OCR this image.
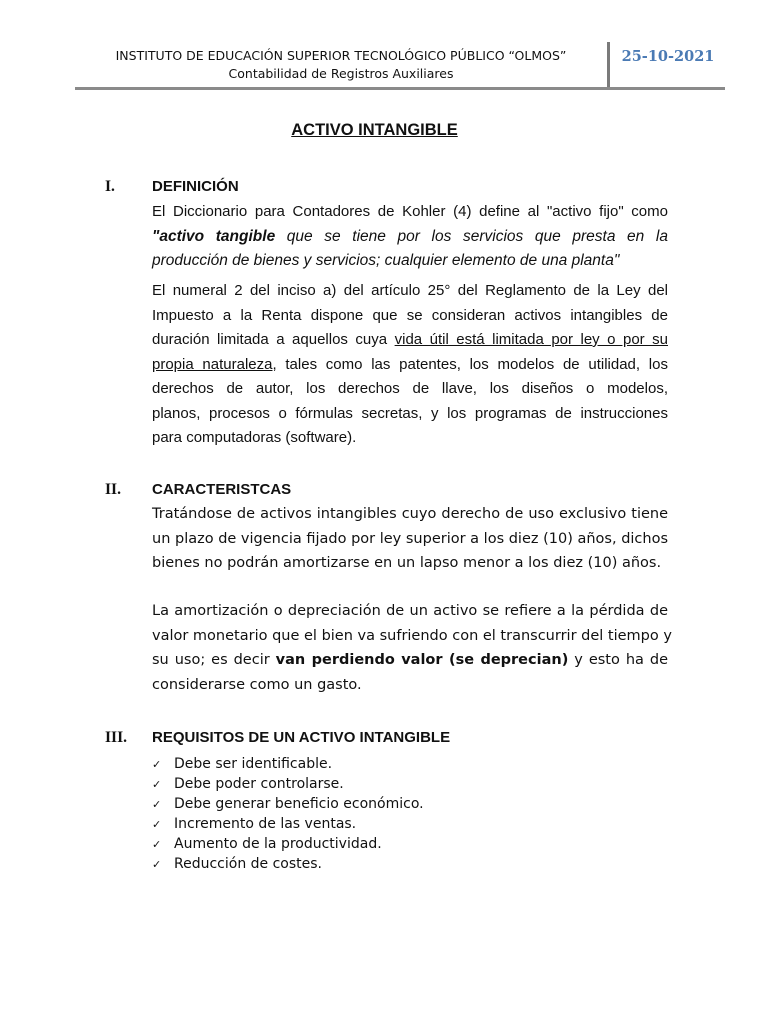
INSTITUTO DE EDUCACIÓN SUPERIOR TECNOLÓGICO PÚBLICO “OLMOS”
Contabilidad de Registros Auxiliares
25-10-2021
ACTIVO INTANGIBLE
I. DEFINICIÓN
El Diccionario para Contadores de Kohler (4) define al "activo fijo" como
"activo tangible que se tiene por los servicios que presta en la
producción de bienes y servicios; cualquier elemento de una planta"
El numeral 2 del inciso a) del artículo 25° del Reglamento de la Ley del
Impuesto a la Renta dispone que se consideran activos intangibles de
duración limitada a aquellos cuya vida útil está limitada por ley o por su
propia naturaleza, tales como las patentes, los modelos de utilidad, los
derechos de autor, los derechos de llave, los diseños o modelos,
planos, procesos o fórmulas secretas, y los programas de instrucciones
para computadoras (software).
II. CARACTERISTCAS
Tratándose de activos intangibles cuyo derecho de uso exclusivo tiene
un plazo de vigencia fijado por ley superior a los diez (10) años, dichos
bienes no podrán amortizarse en un lapso menor a los diez (10) años.
La amortización o depreciación de un activo se refiere a la pérdida de
valor monetario que el bien va sufriendo con el transcurrir del tiempo y
su uso; es decir van perdiendo valor (se deprecian) y esto ha de
considerarse como un gasto.
III. REQUISITOS DE UN ACTIVO INTANGIBLE
✓ Debe ser identificable.
✓ Debe poder controlarse.
✓ Debe generar beneficio económico.
✓ Incremento de las ventas.
✓ Aumento de la productividad.
✓ Reducción de costes.
